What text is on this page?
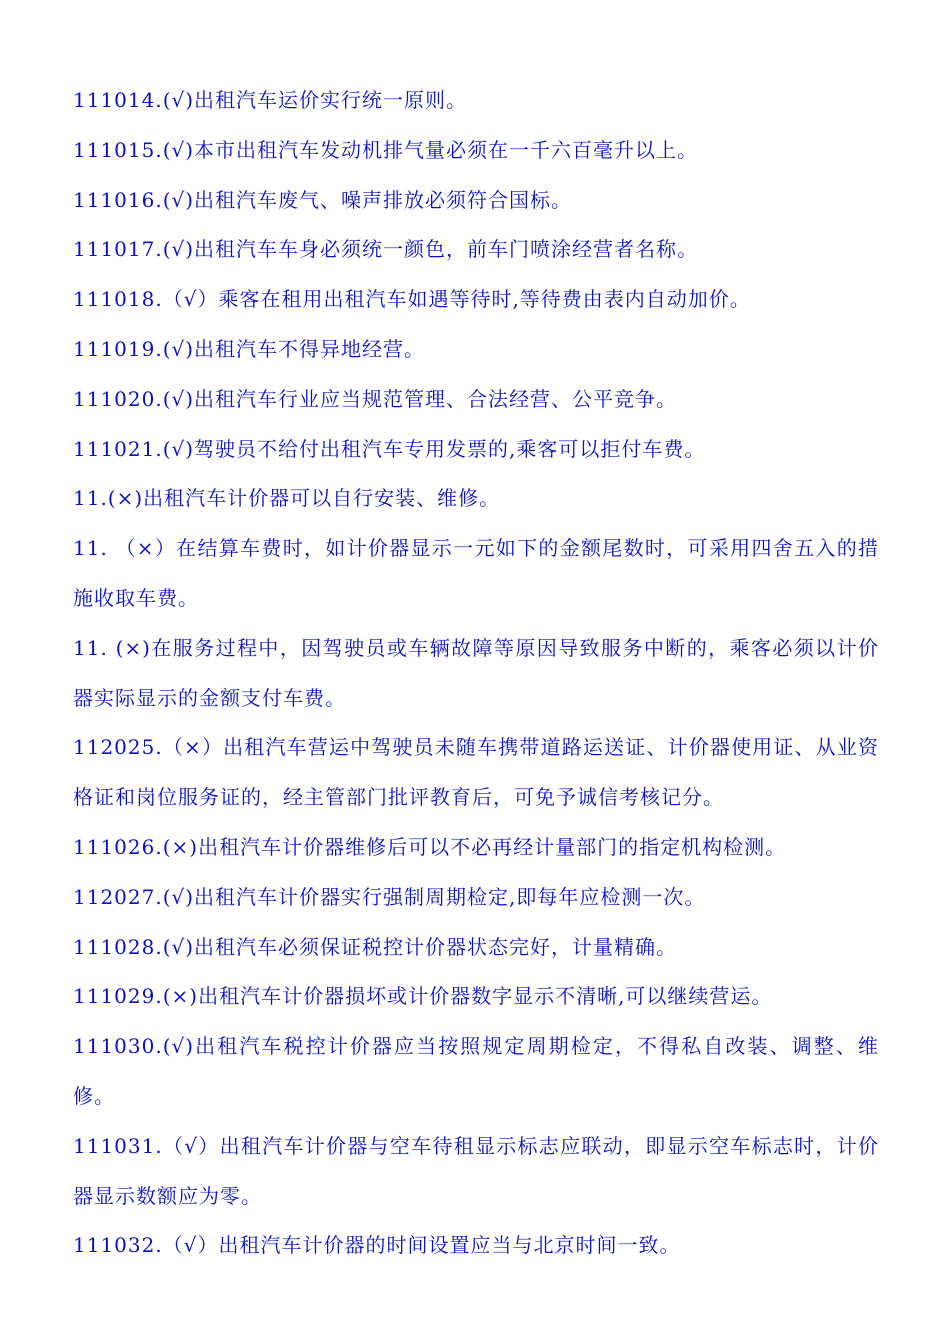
111014.(√)出租汽车运价实行统一原则。

111015.(√)本市出租汽车发动机排气量必须在一千六百毫升以上。

111016.(√)出租汽车废气、噪声排放必须符合国标。

111017.(√)出租汽车车身必须统一颜色，前车门喷涂经营者名称。

111018.（√）乘客在租用出租汽车如遇等待时,等待费由表内自动加价。

111019.(√)出租汽车不得异地经营。

111020.(√)出租汽车行业应当规范管理、合法经营、公平竞争。

111021.(√)驾驶员不给付出租汽车专用发票的,乘客可以拒付车费。

11.(×)出租汽车计价器可以自行安装、维修。

11. （×）在结算车费时，如计价器显示一元如下的金额尾数时，可采用四舍五入的措施收取车费。

11. (×)在服务过程中，因驾驶员或车辆故障等原因导致服务中断的，乘客必须以计价器实际显示的金额支付车费。

112025.（×）出租汽车营运中驾驶员未随车携带道路运送证、计价器使用证、从业资格证和岗位服务证的，经主管部门批评教育后，可免予诚信考核记分。

111026.(×)出租汽车计价器维修后可以不必再经计量部门的指定机构检测。

112027.(√)出租汽车计价器实行强制周期检定,即每年应检测一次。

111028.(√)出租汽车必须保证税控计价器状态完好，计量精确。

111029.(×)出租汽车计价器损坏或计价器数字显示不清晰,可以继续营运。

111030.(√)出租汽车税控计价器应当按照规定周期检定，不得私自改装、调整、维修。

111031.（√）出租汽车计价器与空车待租显示标志应联动，即显示空车标志时，计价器显示数额应为零。

111032.（√）出租汽车计价器的时间设置应当与北京时间一致。
